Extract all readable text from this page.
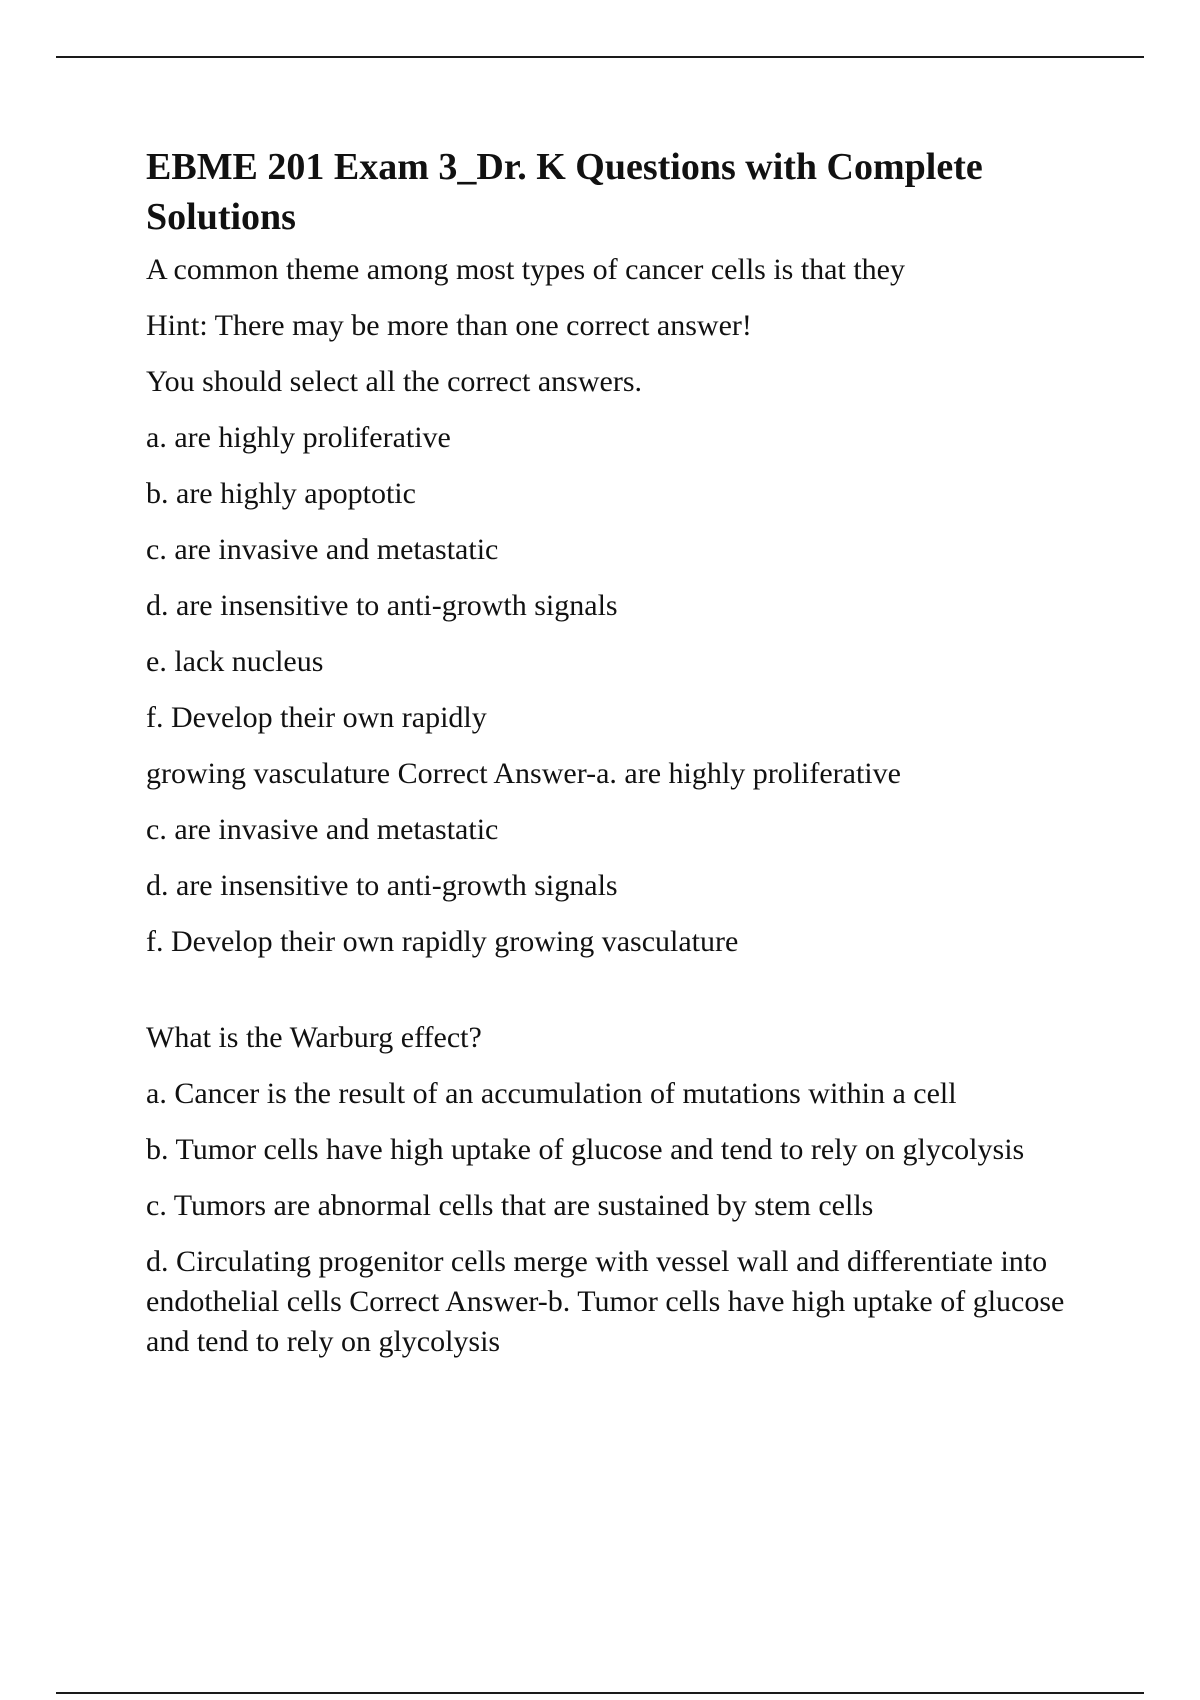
EBME 201 Exam 3_Dr. K Questions with Complete Solutions

A common theme among most types of cancer cells is that they

Hint: There may be more than one correct answer!

You should select all the correct answers.

a. are highly proliferative

b. are highly apoptotic

c. are invasive and metastatic

d. are insensitive to anti-growth signals

e. lack nucleus

f. Develop their own rapidly

growing vasculature Correct Answer-a. are highly proliferative

c. are invasive and metastatic

d. are insensitive to anti-growth signals

f. Develop their own rapidly growing vasculature

What is the Warburg effect?

a. Cancer is the result of an accumulation of mutations within a cell

b. Tumor cells have high uptake of glucose and tend to rely on glycolysis

c. Tumors are abnormal cells that are sustained by stem cells

d. Circulating progenitor cells merge with vessel wall and differentiate into endothelial cells Correct Answer-b. Tumor cells have high uptake of glucose and tend to rely on glycolysis
